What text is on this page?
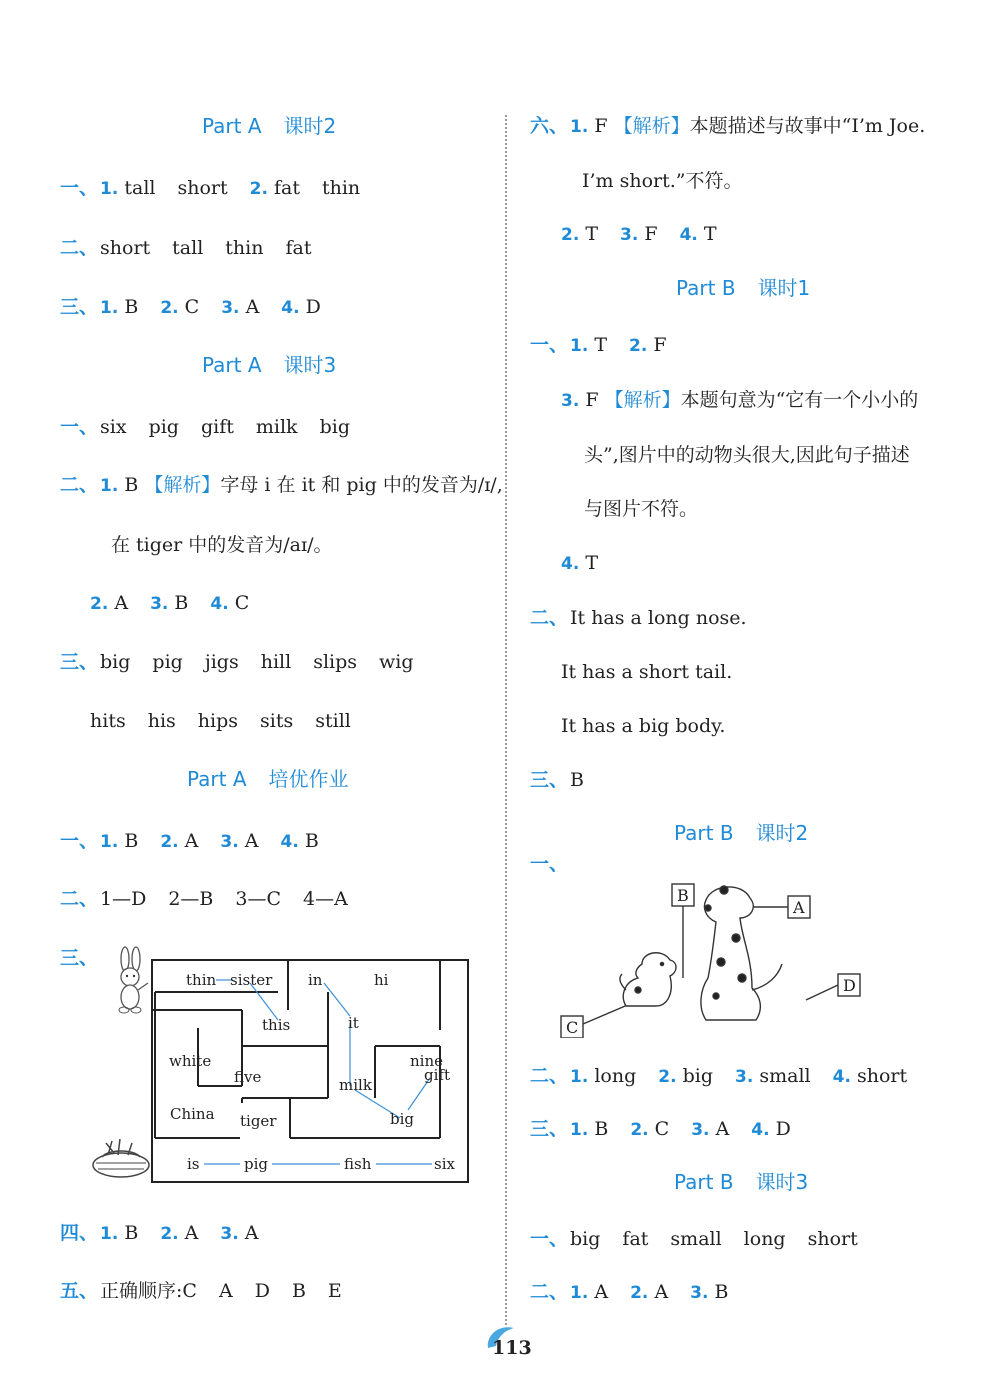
Part A 课时2
一、 1. tall short 2. fat thin
二、 short tall thin fat
三、 1. B 2. C 3. A 4. D
Part A 课时3
一、 six pig gift milk big
二、 1. B 【解析】字母 i 在 it 和 pig 中的发音为/ɪ/,
在 tiger 中的发音为/aɪ/。
2. A 3. B 4. C
三、 big pig jigs hill slips wig
hits his hips sits still
Part A 培优作业
一、 1. B 2. A 3. A 4. B
二、 1—D 2—B 3—C 4—A
三、
thin sister in	hi
this	it
white	nine
five	milk
gift
China tiger	big
is	pig	fish	six
四、 1. B 2. A 3. A
五、 正确顺序:C A D B E
六、 1. F 【解析】本题描述与故事中“I’m Joe.
I’m short.”不符。
2. T 3. F 4. T
Part B 课时1
一、 1. T 2. F
3. F 【解析】本题句意为“它有一个小小的
头”,图片中的动物头很大,因此句子描述
与图片不符。
4. T
二、 It has a long nose.
It has a short tail.
It has a big body.
三、 B
Part B 课时2
一、
B
A
C
D
二、 1. long 2. big 3. small 4. short
三、 1. B 2. C 3. A 4. D
Part B 课时3
一、 big fat small long short
二、 1. A 2. A 3. B
113
